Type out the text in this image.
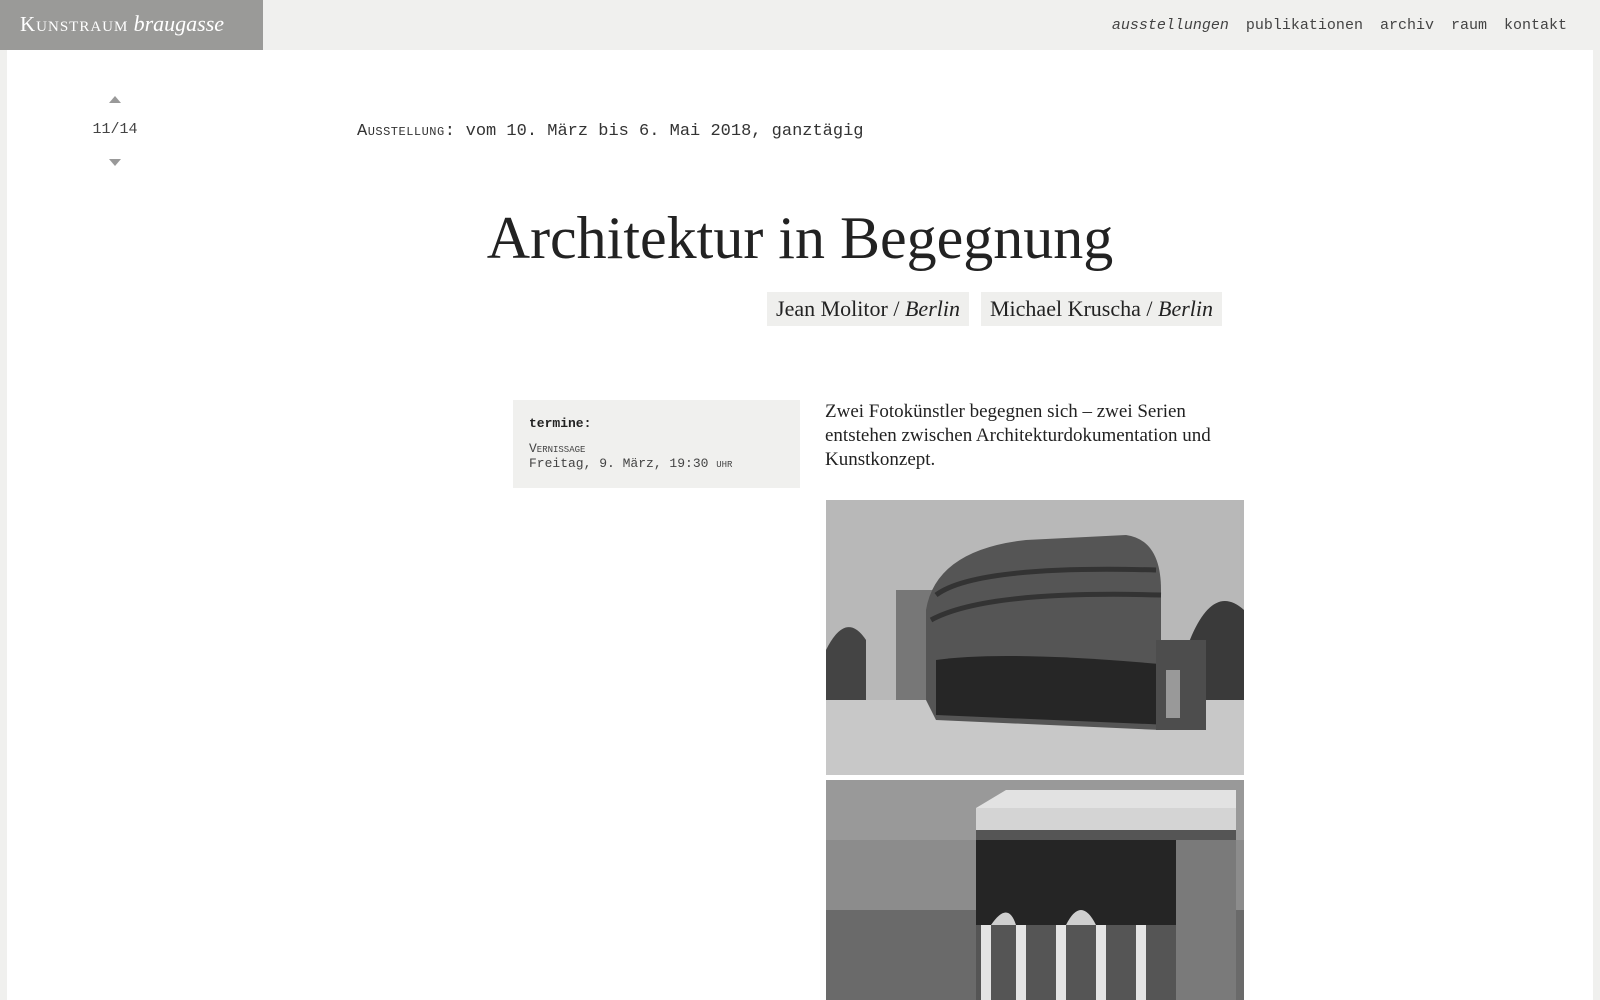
Kunstraum braugasse	ausstellungen publikationen archiv raum kontakt
11/14	Ausstellung: vom 10. März bis 6. Mai 2018, ganztägig
Architektur in Begegnung
Jean Molitor / Berlin	Michael Kruscha / Berlin
termine:
Vernissage
Freitag, 9. März, 19:30 uhr

Zwei Fotokünstler begegnen sich – zwei Serien entstehen zwischen Architekturdokumentation und Kunstkonzept.
